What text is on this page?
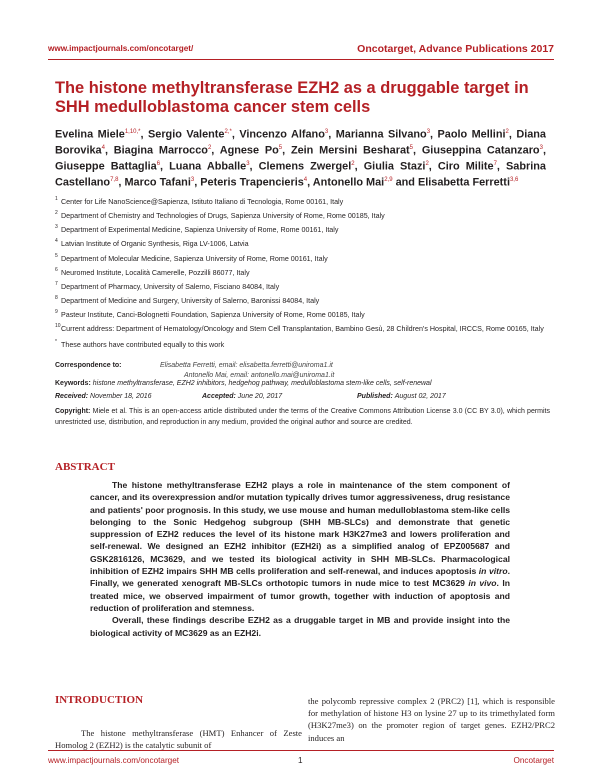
www.impactjournals.com/oncotarget/	Oncotarget, Advance Publications 2017
The histone methyltransferase EZH2 as a druggable target in SHH medulloblastoma cancer stem cells
Evelina Miele$^{1,10,*}$, Sergio Valente$^{2,*}$, Vincenzo Alfano$^3$, Marianna Silvano$^3$, Paolo Mellini$^2$, Diana Borovika$^4$, Biagina Marrocco$^2$, Agnese Po$^5$, Zein Mersini Besharat$^5$, Giuseppina Catanzaro$^3$, Giuseppe Battaglia$^6$, Luana Abballe$^3$, Clemens Zwergel$^2$, Giulia Stazi$^2$, Ciro Milite$^7$, Sabrina Castellano$^{7,8}$, Marco Tafani$^3$, Peteris Trapencieris$^4$, Antonello Mai$^{2,9}$ and Elisabetta Ferretti$^{3,6}$
1 Center for Life NanoScience@Sapienza, Istituto Italiano di Tecnologia, Rome 00161, Italy
2 Department of Chemistry and Technologies of Drugs, Sapienza University of Rome, Rome 00185, Italy
3 Department of Experimental Medicine, Sapienza University of Rome, Rome 00161, Italy
4 Latvian Institute of Organic Synthesis, Riga LV-1006, Latvia
5 Department of Molecular Medicine, Sapienza University of Rome, Rome 00161, Italy
6 Neuromed Institute, Località Camerelle, Pozzilli 86077, Italy
7 Department of Pharmacy, University of Salerno, Fisciano 84084, Italy
8 Department of Medicine and Surgery, University of Salerno, Baronissi 84084, Italy
9 Pasteur Institute, Canci-Bolognetti Foundation, Sapienza University of Rome, Rome 00185, Italy
10 Current address: Department of Hematology/Oncology and Stem Cell Transplantation, Bambino Gesù, 28 Children's Hospital, IRCCS, Rome 00165, Italy
* These authors have contributed equally to this work
Correspondence to:	Elisabetta Ferretti, email: elisabetta.ferretti@uniroma1.it
Antonello Mai, email: antonello.mai@uniroma1.it
Keywords: histone methyltransferase, EZH2 inhibitors, hedgehog pathway, medulloblastoma stem-like cells, self-renewal
Received: November 18, 2016	Accepted: June 20, 2017	Published: August 02, 2017
Copyright: Miele et al. This is an open-access article distributed under the terms of the Creative Commons Attribution License 3.0 (CC BY 3.0), which permits unrestricted use, distribution, and reproduction in any medium, provided the original author and source are credited.
ABSTRACT

The histone methyltransferase EZH2 plays a role in maintenance of the stem component of cancer, and its overexpression and/or mutation typically drives tumor aggressiveness, drug resistance and patients' poor prognosis. In this study, we use mouse and human medulloblastoma stem-like cells belonging to the Sonic Hedgehog subgroup (SHH MB-SLCs) and demonstrate that genetic suppression of EZH2 reduces the level of its histone mark H3K27me3 and lowers proliferation and self-renewal. We designed an EZH2 inhibitor (EZH2i) as a simplified analog of EPZ005687 and GSK2816126, MC3629, and we tested its biological activity in SHH MB-SLCs. Pharmacological inhibition of EZH2 impairs SHH MB cells proliferation and self-renewal, and induces apoptosis in vitro. Finally, we generated xenograft MB-SLCs orthotopic tumors in nude mice to test MC3629 in vivo. In treated mice, we observed impairment of tumor growth, together with induction of apoptosis and reduction of proliferation and stemness.

Overall, these findings describe EZH2 as a druggable target in MB and provide insight into the biological activity of MC3629 as an EZH2i.

INTRODUCTION
The histone methyltransferase (HMT) Enhancer of Zeste Homolog 2 (EZH2) is the catalytic subunit of
the polycomb repressive complex 2 (PRC2) [1], which is responsible for methylation of histone H3 on lysine 27 up to its trimethylated form (H3K27me3) on the promoter region of target genes. EZH2/PRC2 induces an
www.impactjournals.com/oncotarget	1	Oncotarget
